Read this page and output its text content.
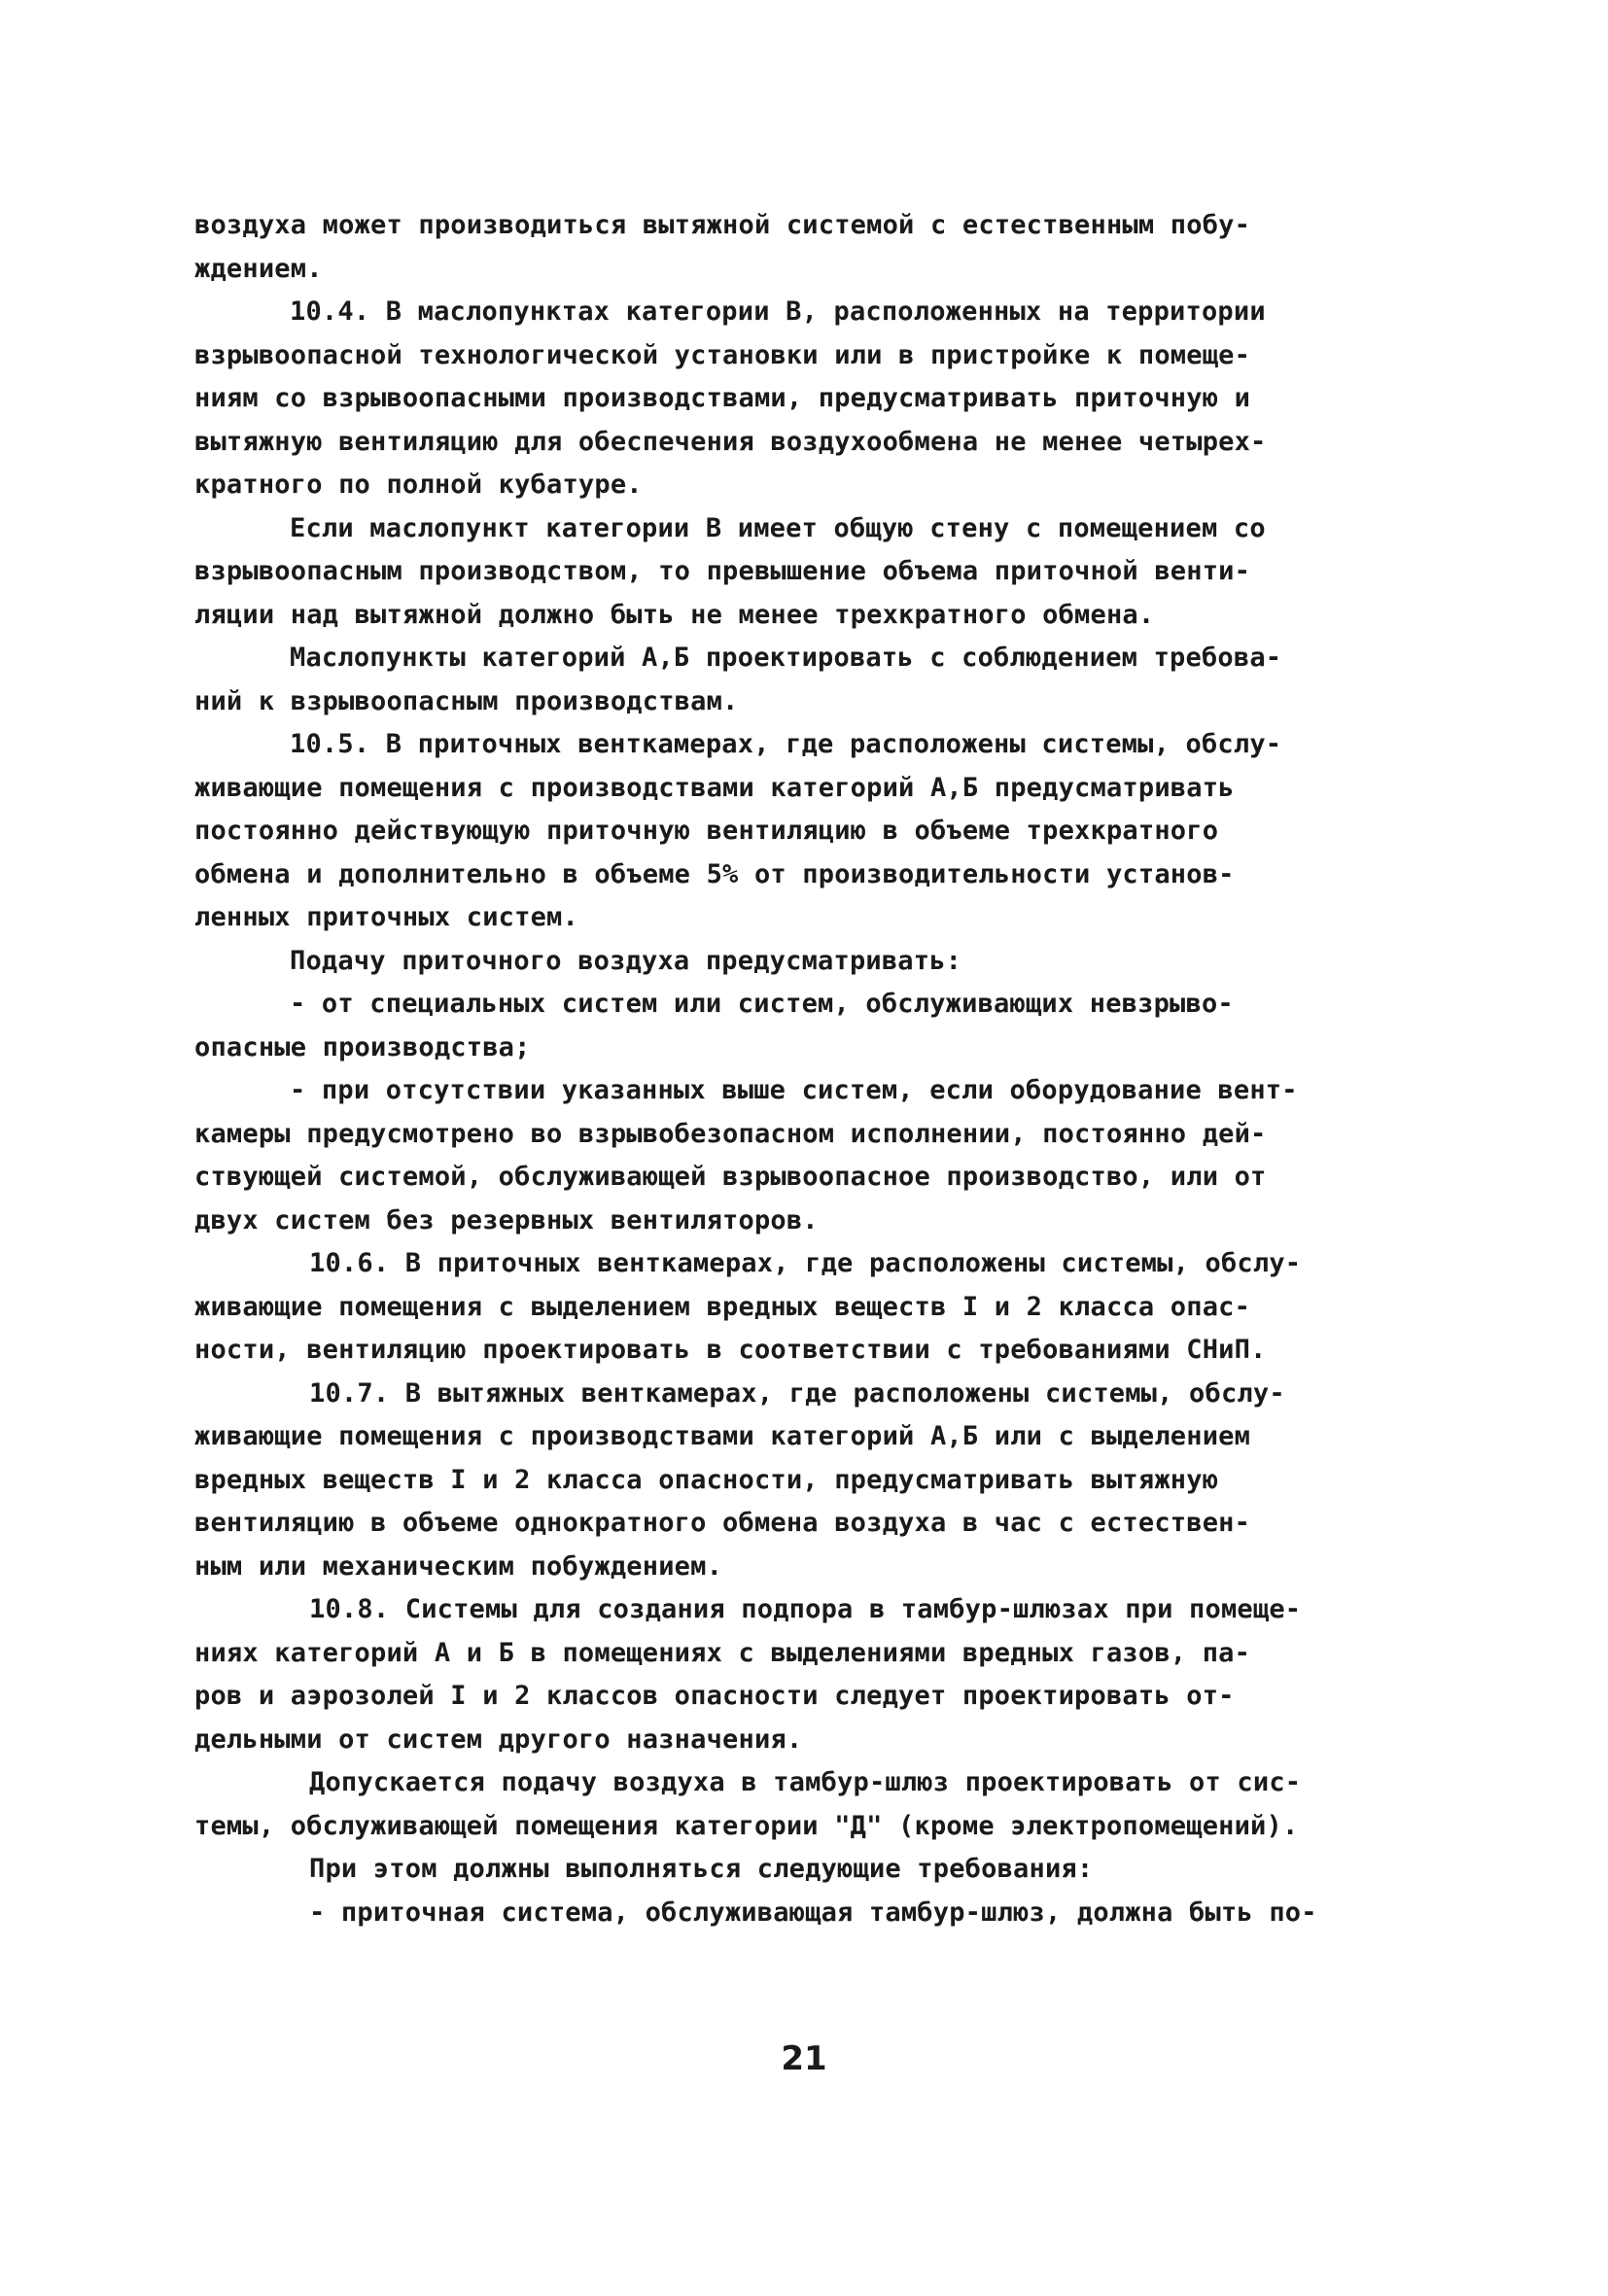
воздуха может производиться вытяжной системой с естественным побу-
ждением.
10.4. В маслопунктах категории В, расположенных на территории
взрывоопасной технологической установки или в пристройке к помеще-
ниям со взрывоопасными производствами, предусматривать приточную и
вытяжную вентиляцию для обеспечения воздухообмена не менее четырех-
кратного по полной кубатуре.
Если маслопункт категории В имеет общую стену с помещением со
взрывоопасным производством, то превышение объема приточной венти-
ляции над вытяжной должно быть не менее трехкратного обмена.
Маслопункты категорий А,Б проектировать с соблюдением требова-
ний к взрывоопасным производствам.
10.5. В приточных венткамерах, где расположены системы, обслу-
живающие помещения с производствами категорий А,Б предусматривать
постоянно действующую приточную вентиляцию в объеме трехкратного
обмена и дополнительно в объеме 5% от производительности установ-
ленных приточных систем.
Подачу приточного воздуха предусматривать:
- от специальных систем или систем, обслуживающих невзрыво-
опасные производства;
- при отсутствии указанных выше систем, если оборудование вент-
камеры предусмотрено во взрывобезопасном исполнении, постоянно дей-
ствующей системой, обслуживающей взрывоопасное производство, или от
двух систем без резервных вентиляторов.
10.6. В приточных венткамерах, где расположены системы, обслу-
живающие помещения с выделением вредных веществ I и 2 класса опас-
ности, вентиляцию проектировать в соответствии с требованиями СНиП.
10.7. В вытяжных венткамерах, где расположены системы, обслу-
живающие помещения с производствами категорий А,Б или с выделением
вредных веществ I и 2 класса опасности, предусматривать вытяжную
вентиляцию в объеме однократного обмена воздуха в час с естествен-
ным или механическим побуждением.
10.8. Системы для создания подпора в тамбур-шлюзах при помеще-
ниях категорий А и Б в помещениях с выделениями вредных газов, па-
ров и аэрозолей I и 2 классов опасности следует проектировать от-
дельными от систем другого назначения.
Допускается подачу воздуха в тамбур-шлюз проектировать от сис-
темы, обслуживающей помещения категории "Д" (кроме электропомещений).
При этом должны выполняться следующие требования:
- приточная система, обслуживающая тамбур-шлюз, должна быть по-
21
